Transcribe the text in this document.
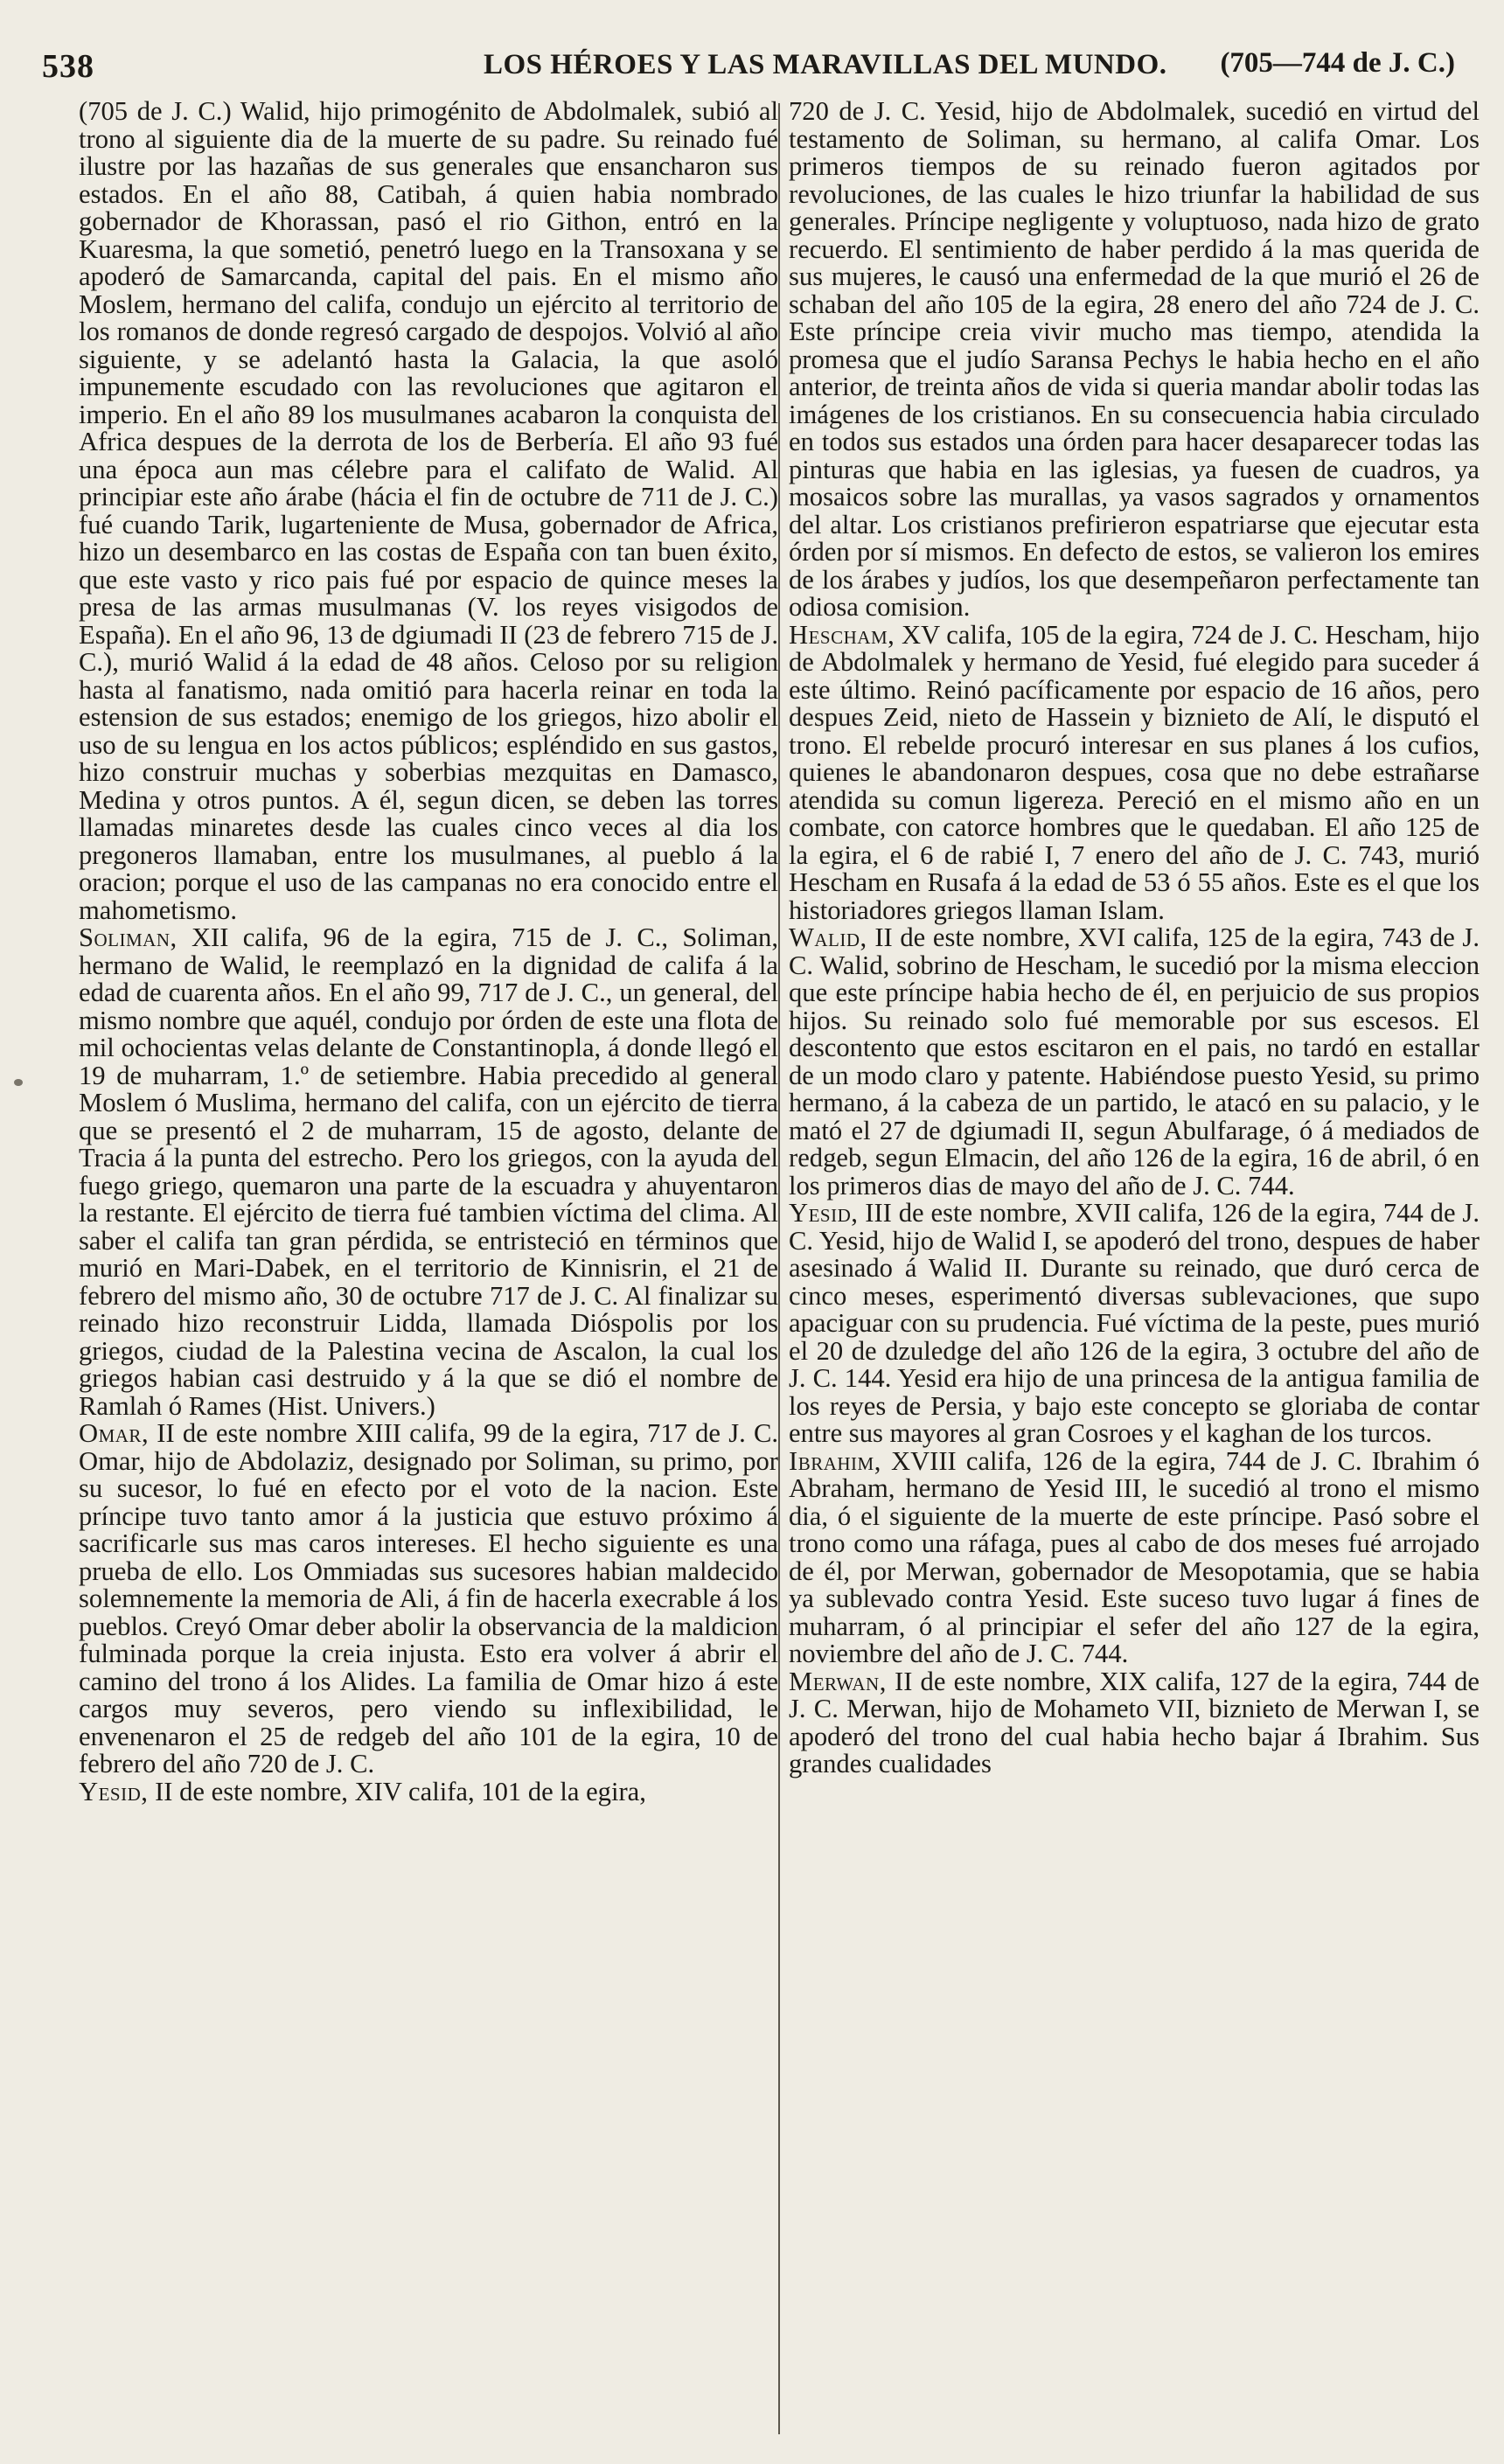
538	LOS HÉROES Y LAS MARAVILLAS DEL MUNDO. (705—744 de J. C.)

(705 de J. C.) Walid, hijo primogénito de Abdolmalek, subió al trono al siguiente dia de la muerte de su padre. Su reinado fué ilustre por las hazañas de sus generales que ensancharon sus estados. En el año 88, Catibah, á quien habia nombrado gobernador de Khorassan, pasó el rio Githon, entró en la Kuaresma, la que sometió, penetró luego en la Transoxana y se apoderó de Samarcanda, capital del pais. En el mismo año Moslem, hermano del califa, condujo un ejército al territorio de los romanos de donde regresó cargado de despojos. Volvió al año siguiente, y se adelantó hasta la Galacia, la que asoló impunemente escudado con las revoluciones que agitaron el imperio. En el año 89 los musulmanes acabaron la conquista del Africa despues de la derrota de los de Berbería. El año 93 fué una época aun mas célebre para el califato de Walid. Al principiar este año árabe (hácia el fin de octubre de 711 de J. C.) fué cuando Tarik, lugarteniente de Musa, gobernador de Africa, hizo un desembarco en las costas de España con tan buen éxito, que este vasto y rico pais fué por espacio de quince meses la presa de las armas musulmanas (V. los reyes visigodos de España). En el año 96, 13 de dgiumadi II (23 de febrero 715 de J. C.), murió Walid á la edad de 48 años. Celoso por su religion hasta al fanatismo, nada omitió para hacerla reinar en toda la estension de sus estados; enemigo de los griegos, hizo abolir el uso de su lengua en los actos públicos; espléndido en sus gastos, hizo construir muchas y soberbias mezquitas en Damasco, Medina y otros puntos. A él, segun dicen, se deben las torres llamadas minaretes desde las cuales cinco veces al dia los pregoneros llamaban, entre los musulmanes, al pueblo á la oracion; porque el uso de las campanas no era conocido entre el mahometismo.

Soliman, XII califa, 96 de la egira, 715 de J. C., Soliman, hermano de Walid, le reemplazó en la dignidad de califa á la edad de cuarenta años. En el año 99, 717 de J. C., un general, del mismo nombre que aquél, condujo por órden de este una flota de mil ochocientas velas delante de Constantinopla, á donde llegó el 19 de muharram, 1.º de setiembre. Habia precedido al general Moslem ó Muslima, hermano del califa, con un ejército de tierra que se presentó el 2 de muharram, 15 de agosto, delante de Tracia á la punta del estrecho. Pero los griegos, con la ayuda del fuego griego, quemaron una parte de la escuadra y ahuyentaron la restante. El ejército de tierra fué tambien víctima del clima. Al saber el califa tan gran pérdida, se entristeció en términos que murió en Mari-Dabek, en el territorio de Kinnisrin, el 21 de febrero del mismo año, 30 de octubre 717 de J. C. Al finalizar su reinado hizo reconstruir Lidda, llamada Dióspolis por los griegos, ciudad de la Palestina vecina de Ascalon, la cual los griegos habian casi destruido y á la que se dió el nombre de Ramlah ó Rames (Hist. Univers.)

Omar, II de este nombre XIII califa, 99 de la egira, 717 de J. C. Omar, hijo de Abdolaziz, designado por Soliman, su primo, por su sucesor, lo fué en efecto por el voto de la nacion. Este príncipe tuvo tanto amor á la justicia que estuvo próximo á sacrificarle sus mas caros intereses. El hecho siguiente es una prueba de ello. Los Ommiadas sus sucesores habian maldecido solemnemente la memoria de Ali, á fin de hacerla execrable á los pueblos. Creyó Omar deber abolir la observancia de la maldicion fulminada porque la creia injusta. Esto era volver á abrir el camino del trono á los Alides. La familia de Omar hizo á este cargos muy severos, pero viendo su inflexibilidad, le envenenaron el 25 de redgeb del año 101 de la egira, 10 de febrero del año 720 de J. C.

Yesid, II de este nombre, XIV califa, 101 de la egira,

720 de J. C. Yesid, hijo de Abdolmalek, sucedió en virtud del testamento de Soliman, su hermano, al califa Omar. Los primeros tiempos de su reinado fueron agitados por revoluciones, de las cuales le hizo triunfar la habilidad de sus generales. Príncipe negligente y voluptuoso, nada hizo de grato recuerdo. El sentimiento de haber perdido á la mas querida de sus mujeres, le causó una enfermedad de la que murió el 26 de schaban del año 105 de la egira, 28 enero del año 724 de J. C. Este príncipe creia vivir mucho mas tiempo, atendida la promesa que el judío Saransa Pechys le habia hecho en el año anterior, de treinta años de vida si queria mandar abolir todas las imágenes de los cristianos. En su consecuencia habia circulado en todos sus estados una órden para hacer desaparecer todas las pinturas que habia en las iglesias, ya fuesen de cuadros, ya mosaicos sobre las murallas, ya vasos sagrados y ornamentos del altar. Los cristianos prefirieron espatriarse que ejecutar esta órden por sí mismos. En defecto de estos, se valieron los emires de los árabes y judíos, los que desempeñaron perfectamente tan odiosa comision.

Hescham, XV califa, 105 de la egira, 724 de J. C. Hescham, hijo de Abdolmalek y hermano de Yesid, fué elegido para suceder á este último. Reinó pacíficamente por espacio de 16 años, pero despues Zeid, nieto de Hassein y biznieto de Alí, le disputó el trono. El rebelde procuró interesar en sus planes á los cufios, quienes le abandonaron despues, cosa que no debe estrañarse atendida su comun ligereza. Pereció en el mismo año en un combate, con catorce hombres que le quedaban. El año 125 de la egira, el 6 de rabié I, 7 enero del año de J. C. 743, murió Hescham en Rusafa á la edad de 53 ó 55 años. Este es el que los historiadores griegos llaman Islam.

Walid, II de este nombre, XVI califa, 125 de la egira, 743 de J. C. Walid, sobrino de Hescham, le sucedió por la misma eleccion que este príncipe habia hecho de él, en perjuicio de sus propios hijos. Su reinado solo fué memorable por sus escesos. El descontento que estos escitaron en el pais, no tardó en estallar de un modo claro y patente. Habiéndose puesto Yesid, su primo hermano, á la cabeza de un partido, le atacó en su palacio, y le mató el 27 de dgiumadi II, segun Abulfarage, ó á mediados de redgeb, segun Elmacin, del año 126 de la egira, 16 de abril, ó en los primeros dias de mayo del año de J. C. 744.

Yesid, III de este nombre, XVII califa, 126 de la egira, 744 de J. C. Yesid, hijo de Walid I, se apoderó del trono, despues de haber asesinado á Walid II. Durante su reinado, que duró cerca de cinco meses, esperimentó diversas sublevaciones, que supo apaciguar con su prudencia. Fué víctima de la peste, pues murió el 20 de dzuledge del año 126 de la egira, 3 octubre del año de J. C. 144. Yesid era hijo de una princesa de la antigua familia de los reyes de Persia, y bajo este concepto se gloriaba de contar entre sus mayores al gran Cosroes y el kaghan de los turcos.

Ibrahim, XVIII califa, 126 de la egira, 744 de J. C. Ibrahim ó Abraham, hermano de Yesid III, le sucedió al trono el mismo dia, ó el siguiente de la muerte de este príncipe. Pasó sobre el trono como una ráfaga, pues al cabo de dos meses fué arrojado de él, por Merwan, gobernador de Mesopotamia, que se habia ya sublevado contra Yesid. Este suceso tuvo lugar á fines de muharram, ó al principiar el sefer del año 127 de la egira, noviembre del año de J. C. 744.

Merwan, II de este nombre, XIX califa, 127 de la egira, 744 de J. C. Merwan, hijo de Mohameto VII, biznieto de Merwan I, se apoderó del trono del cual habia hecho bajar á Ibrahim. Sus grandes cualidades
